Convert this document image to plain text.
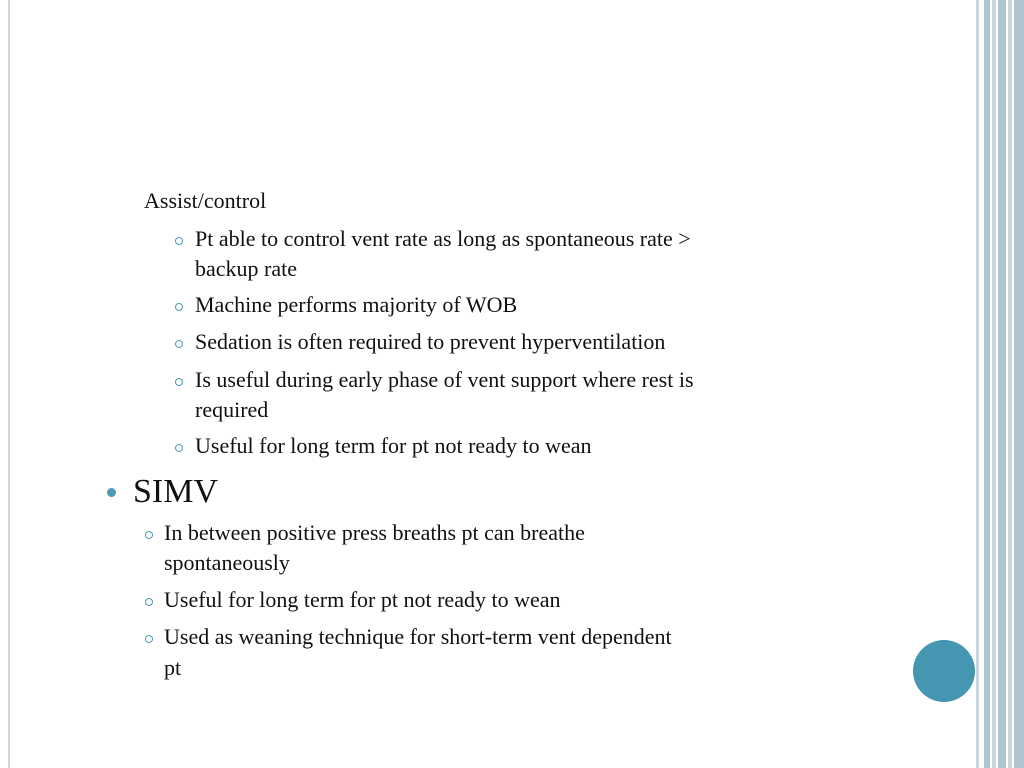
Assist/control
Pt able to control vent rate as long as spontaneous rate >
backup rate
Machine performs majority of WOB
Sedation is often required to prevent hyperventilation
Is useful during early phase of vent support where rest is
required
Useful for long term for pt not ready to wean
SIMV
In between positive press breaths pt can breathe
spontaneously
Useful for long term for pt not ready to wean
Used as weaning technique for short-term vent dependent
pt
